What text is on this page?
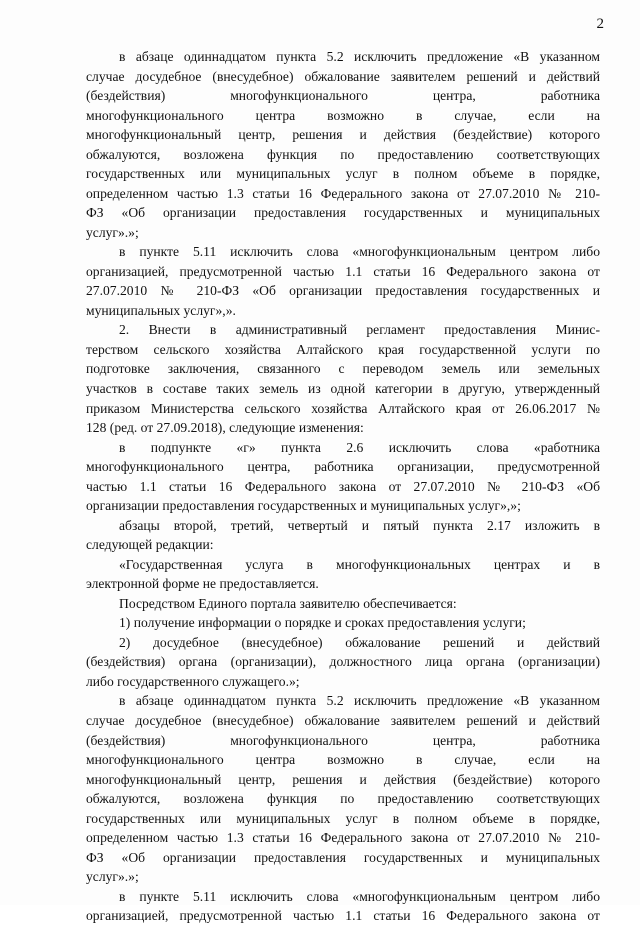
2
в абзаце одиннадцатом пункта 5.2 исключить предложение «В указанном
случае досудебное (внесудебное) обжалование заявителем решений и действий
(бездействия) многофункционального центра, работника
многофункционального центра возможно в случае, если на
многофункциональный центр, решения и действия (бездействие) которого
обжалуются, возложена функция по предоставлению соответствующих
государственных или муниципальных услуг в полном объеме в порядке,
определенном частью 1.3 статьи 16 Федерального закона от 27.07.2010 № 210-
ФЗ «Об организации предоставления государственных и муниципальных
услуг».»;
в пункте 5.11 исключить слова «многофункциональным центром либо
организацией, предусмотренной частью 1.1 статьи 16 Федерального закона от
27.07.2010 № 210-ФЗ «Об организации предоставления государственных и
муниципальных услуг»,».
2. Внести в административный регламент предоставления Минис-
терством сельского хозяйства Алтайского края государственной услуги по
подготовке заключения, связанного с переводом земель или земельных
участков в составе таких земель из одной категории в другую, утвержденный
приказом Министерства сельского хозяйства Алтайского края от 26.06.2017 №
128 (ред. от 27.09.2018), следующие изменения:
в подпункте «г» пункта 2.6 исключить слова «работника
многофункционального центра, работника организации, предусмотренной
частью 1.1 статьи 16 Федерального закона от 27.07.2010 № 210-ФЗ «Об
организации предоставления государственных и муниципальных услуг»,»;
абзацы второй, третий, четвертый и пятый пункта 2.17 изложить в
следующей редакции:
«Государственная услуга в многофункциональных центрах и в
электронной форме не предоставляется.
Посредством Единого портала заявителю обеспечивается:
1) получение информации о порядке и сроках предоставления услуги;
2) досудебное (внесудебное) обжалование решений и действий
(бездействия) органа (организации), должностного лица органа (организации)
либо государственного служащего.»;
в абзаце одиннадцатом пункта 5.2 исключить предложение «В указанном
случае досудебное (внесудебное) обжалование заявителем решений и действий
(бездействия) многофункционального центра, работника
многофункционального центра возможно в случае, если на
многофункциональный центр, решения и действия (бездействие) которого
обжалуются, возложена функция по предоставлению соответствующих
государственных или муниципальных услуг в полном объеме в порядке,
определенном частью 1.3 статьи 16 Федерального закона от 27.07.2010 № 210-
ФЗ «Об организации предоставления государственных и муниципальных
услуг».»;
в пункте 5.11 исключить слова «многофункциональным центром либо
организацией, предусмотренной частью 1.1 статьи 16 Федерального закона от
